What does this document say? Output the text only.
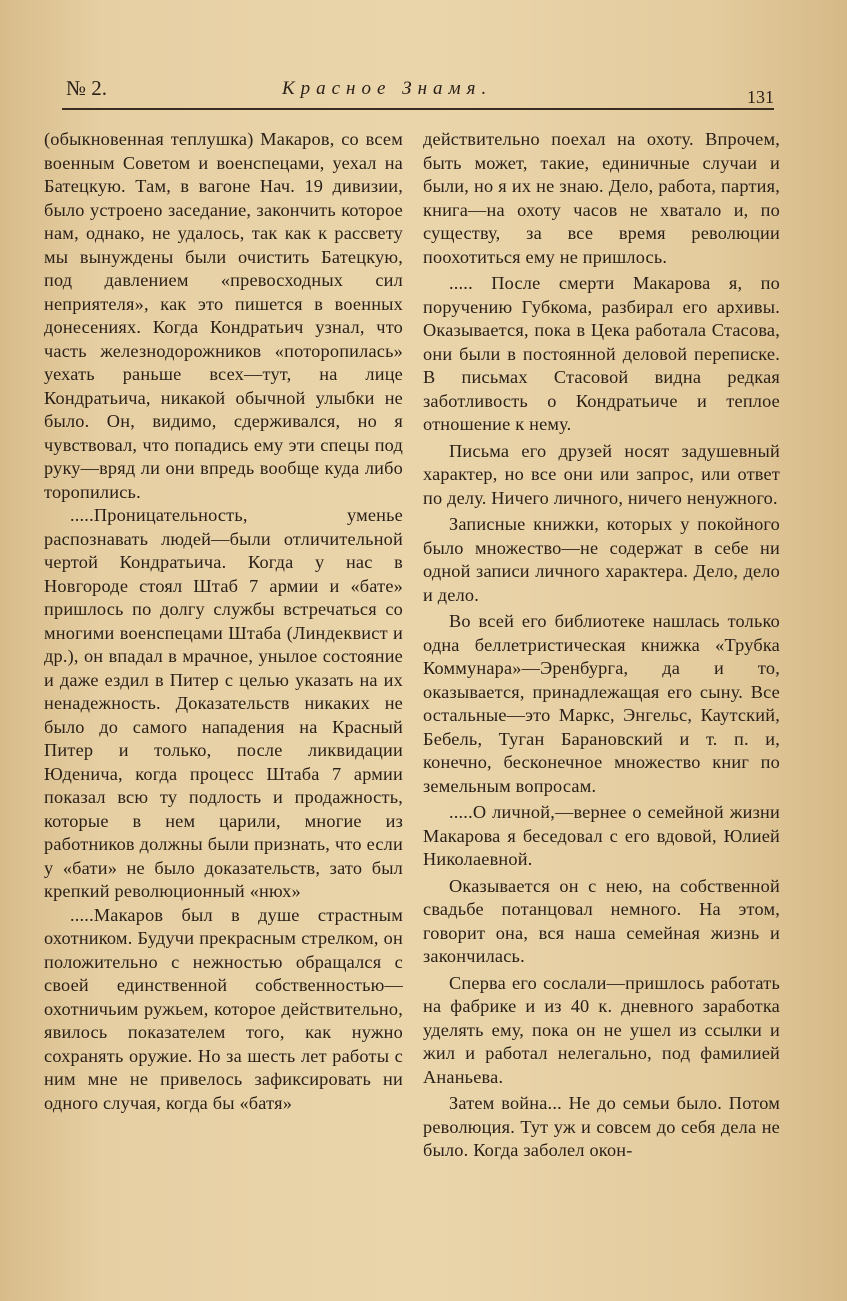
№ 2.	Красное Знамя.	131

(обыкновенная теплушка) Макаров, со всем военным Советом и военспецами, уехал на Батецкую. Там, в вагоне Нач. 19 дивизии, было устроено заседание, закончить которое нам, однако, не удалось, так как к рассвету мы вынуждены были очистить Батецкую, под давлением «превосходных сил неприятеля», как это пишется в военных донесениях. Когда Кондратьич узнал, что часть железнодорожников «поторопилась» уехать раньше всех—тут, на лице Кондратьича, никакой обычной улыбки не было. Он, видимо, сдерживался, но я чувствовал, что попадись ему эти спецы под руку—вряд ли они впредь вообще куда либо торопились.

.....Проницательность, уменье распознавать людей—были отличительной чертой Кондратьича. Когда у нас в Новгороде стоял Штаб 7 армии и «бате» пришлось по долгу службы встречаться со многими военспецами Штаба (Линдеквист и др.), он впадал в мрачное, унылое состояние и даже ездил в Питер с целью указать на их ненадежность. Доказательств никаких не было до самого нападения на Красный Питер и только, после ликвидации Юденича, когда процесс Штаба 7 армии показал всю ту подлость и продажность, которые в нем царили, многие из работников должны были признать, что если у «бати» не было доказательств, зато был крепкий революционный «нюх»

.....Макаров был в душе страстным охотником. Будучи прекрасным стрелком, он положительно с нежностью обращался с своей единственной собственностью—охотничьим ружьем, которое действительно, явилось показателем того, как нужно сохранять оружие. Но за шесть лет работы с ним мне не привелось зафиксировать ни одного случая, когда бы «батя»

действительно поехал на охоту. Впрочем, быть может, такие, единичные случаи и были, но я их не знаю. Дело, работа, партия, книга—на охоту часов не хватало и, по существу, за все время революции поохотиться ему не пришлось.

..... После смерти Макарова я, по поручению Губкома, разбирал его архивы. Оказывается, пока в Цека работала Стасова, они были в постоянной деловой переписке. В письмах Стасовой видна редкая заботливость о Кондратьиче и теплое отношение к нему.

Письма его друзей носят задушевный характер, но все они или запрос, или ответ по делу. Ничего личного, ничего ненужного.

Записные книжки, которых у покойного было множество—не содержат в себе ни одной записи личного характера. Дело, дело и дело.

Во всей его библиотеке нашлась только одна беллетристическая книжка «Трубка Коммунара»—Эренбурга, да и то, оказывается, принадлежащая его сыну. Все остальные—это Маркс, Энгельс, Каутский, Бебель, Туган Барановский и т. п. и, конечно, бесконечное множество книг по земельным вопросам.

.....О личной,—вернее о семейной жизни Макарова я беседовал с его вдовой, Юлией Николаевной.

Оказывается он с нею, на собственной свадьбе потанцовал немного. На этом, говорит она, вся наша семейная жизнь и закончилась.

Сперва его сослали—пришлось работать на фабрике и из 40 к. дневного заработка уделять ему, пока он не ушел из ссылки и жил и работал нелегально, под фамилией Ананьева.

Затем война... Не до семьи было. Потом революция. Тут уж и совсем до себя дела не было. Когда заболел окон-
